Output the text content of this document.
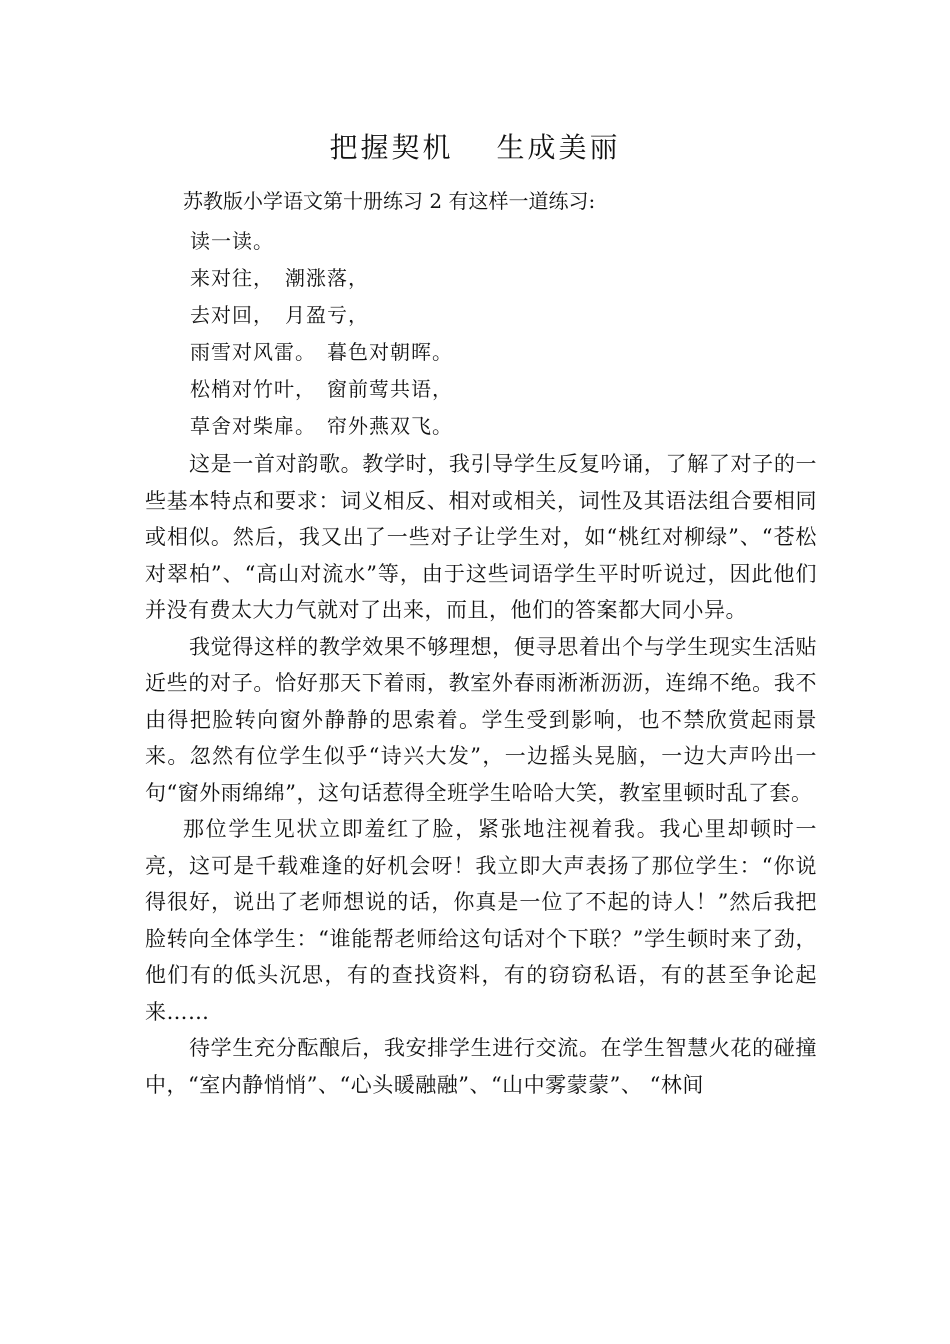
把握契机　 生成美丽
苏教版小学语文第十册练习 2 有这样一道练习:
读一读。
来对往，　潮涨落，
去对回，　月盈亏，
雨雪对风雷。　暮色对朝晖。
松梢对竹叶，　窗前莺共语，
草舍对柴扉。　帘外燕双飞。

这是一首对韵歌。教学时，我引导学生反复吟诵，了解了对子的一些基本特点和要求：词义相反、相对或相关，词性及其语法组合要相同或相似。然后，我又出了一些对子让学生对，如“桃红对柳绿”、“苍松对翠柏”、“高山对流水”等，由于这些词语学生平时听说过，因此他们并没有费太大力气就对了出来，而且，他们的答案都大同小异。

我觉得这样的教学效果不够理想，便寻思着出个与学生现实生活贴近些的对子。恰好那天下着雨，教室外春雨淅淅沥沥，连绵不绝。我不由得把脸转向窗外静静的思索着。学生受到影响，也不禁欣赏起雨景来。忽然有位学生似乎“诗兴大发”，一边摇头晃脑，一边大声吟出一句“窗外雨绵绵”，这句话惹得全班学生哈哈大笑，教室里顿时乱了套。

那位学生见状立即羞红了脸，紧张地注视着我。我心里却顿时一亮，这可是千载难逢的好机会呀！我立即大声表扬了那位学生：“你说得很好，说出了老师想说的话，你真是一位了不起的诗人！”然后我把脸转向全体学生：“谁能帮老师给这句话对个下联？”学生顿时来了劲，他们有的低头沉思，有的查找资料，有的窃窃私语，有的甚至争论起来……

待学生充分酝酿后，我安排学生进行交流。在学生智慧火花的碰撞中，“室内静悄悄”、“心头暖融融”、“山中雾蒙蒙”、 “林间
